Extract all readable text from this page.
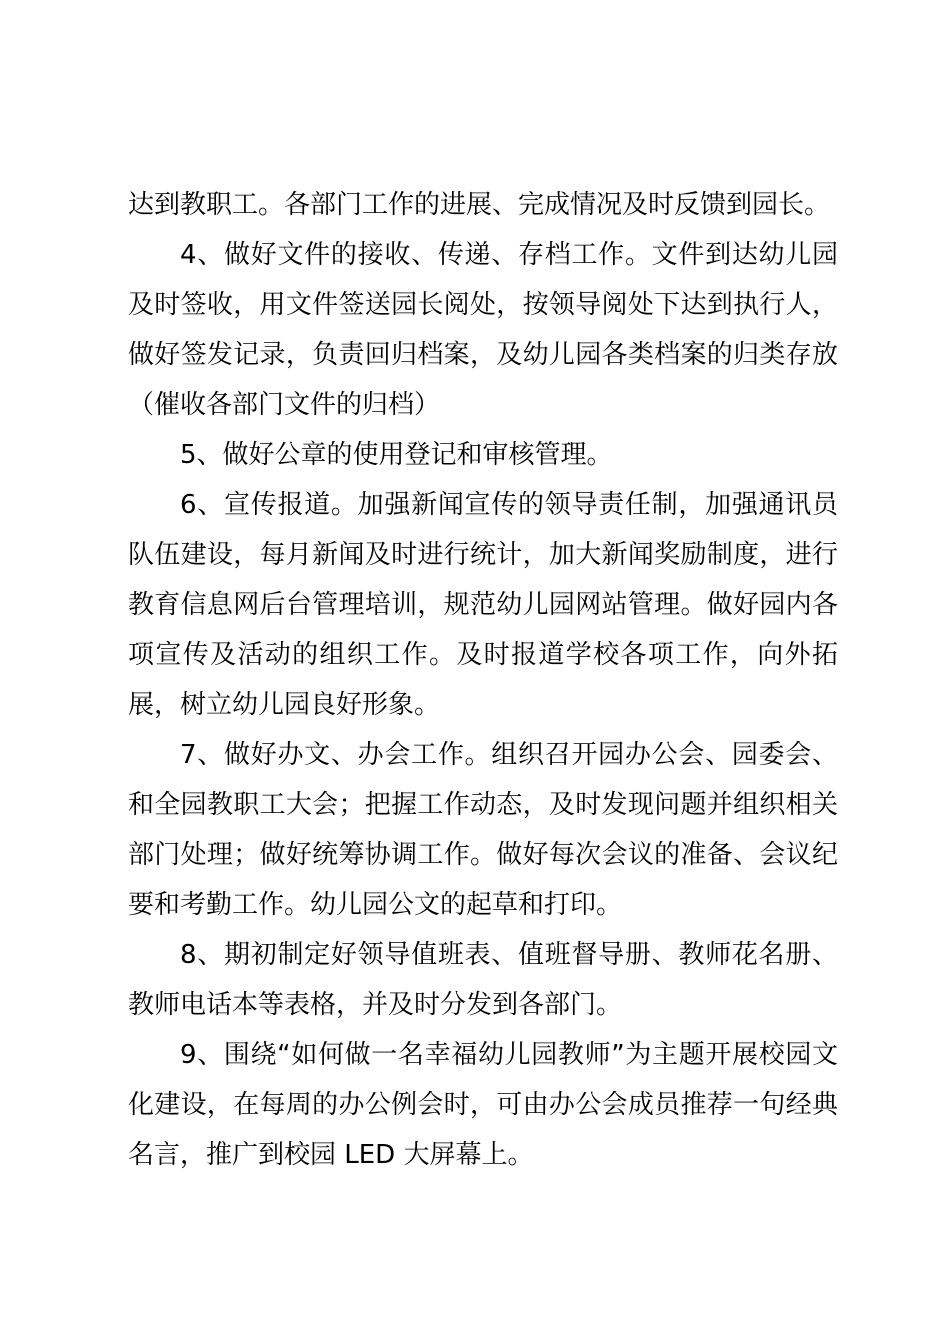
达到教职工。各部门工作的进展、完成情况及时反馈到园长。

4、做好文件的接收、传递、存档工作。文件到达幼儿园及时签收，用文件签送园长阅处，按领导阅处下达到执行人，做好签发记录，负责回归档案，及幼儿园各类档案的归类存放（催收各部门文件的归档）

5、做好公章的使用登记和审核管理。

6、宣传报道。加强新闻宣传的领导责任制，加强通讯员队伍建设，每月新闻及时进行统计，加大新闻奖励制度，进行教育信息网后台管理培训，规范幼儿园网站管理。做好园内各项宣传及活动的组织工作。及时报道学校各项工作，向外拓展，树立幼儿园良好形象。

7、做好办文、办会工作。组织召开园办公会、园委会、和全园教职工大会；把握工作动态，及时发现问题并组织相关部门处理；做好统筹协调工作。做好每次会议的准备、会议纪要和考勤工作。幼儿园公文的起草和打印。

8、期初制定好领导值班表、值班督导册、教师花名册、教师电话本等表格，并及时分发到各部门。

9、围绕“如何做一名幸福幼儿园教师”为主题开展校园文化建设，在每周的办公例会时，可由办公会成员推荐一句经典名言，推广到校园 LED 大屏幕上。
